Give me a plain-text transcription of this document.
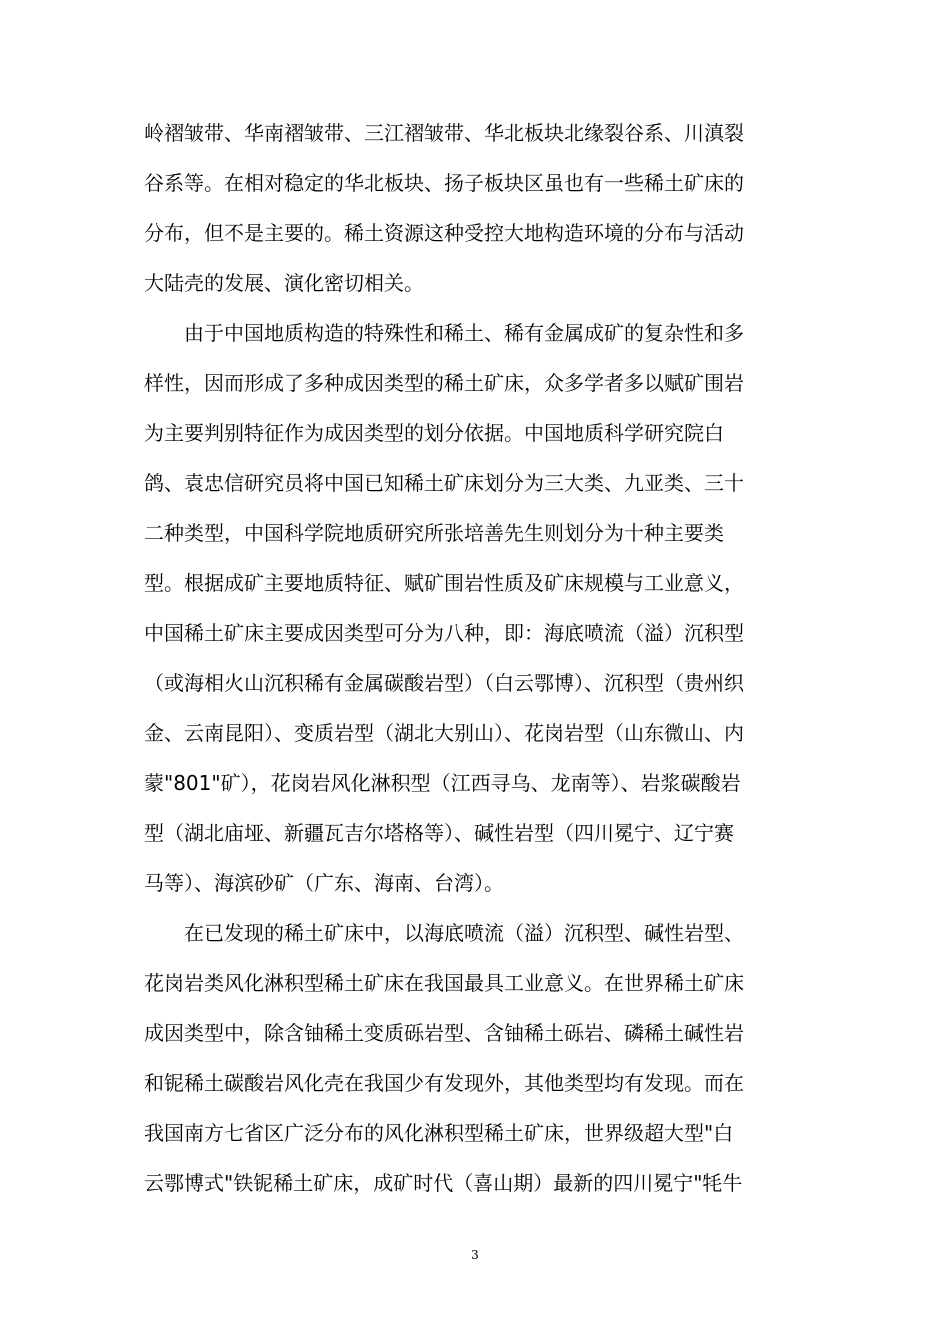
岭褶皱带、华南褶皱带、三江褶皱带、华北板块北缘裂谷系、川滇裂
谷系等。在相对稳定的华北板块、扬子板块区虽也有一些稀土矿床的
分布，但不是主要的。稀土资源这种受控大地构造环境的分布与活动
大陆壳的发展、演化密切相关。
　　由于中国地质构造的特殊性和稀土、稀有金属成矿的复杂性和多
样性，因而形成了多种成因类型的稀土矿床，众多学者多以赋矿围岩
为主要判别特征作为成因类型的划分依据。中国地质科学研究院白
鸽、袁忠信研究员将中国已知稀土矿床划分为三大类、九亚类、三十
二种类型，中国科学院地质研究所张培善先生则划分为十种主要类
型。根据成矿主要地质特征、赋矿围岩性质及矿床规模与工业意义，
中国稀土矿床主要成因类型可分为八种，即：海底喷流（溢）沉积型
（或海相火山沉积稀有金属碳酸岩型）（白云鄂博）、沉积型（贵州织
金、云南昆阳）、变质岩型（湖北大别山）、花岗岩型（山东微山、内
蒙"801"矿），花岗岩风化淋积型（江西寻乌、龙南等）、岩浆碳酸岩
型（湖北庙垭、新疆瓦吉尔塔格等）、碱性岩型（四川冕宁、辽宁赛
马等）、海滨砂矿（广东、海南、台湾）。
　　在已发现的稀土矿床中，以海底喷流（溢）沉积型、碱性岩型、
花岗岩类风化淋积型稀土矿床在我国最具工业意义。在世界稀土矿床
成因类型中，除含铀稀土变质砾岩型、含铀稀土砾岩、磷稀土碱性岩
和铌稀土碳酸岩风化壳在我国少有发现外，其他类型均有发现。而在
我国南方七省区广泛分布的风化淋积型稀土矿床，世界级超大型"白
云鄂博式"铁铌稀土矿床，成矿时代（喜山期）最新的四川冕宁"牦牛
3
